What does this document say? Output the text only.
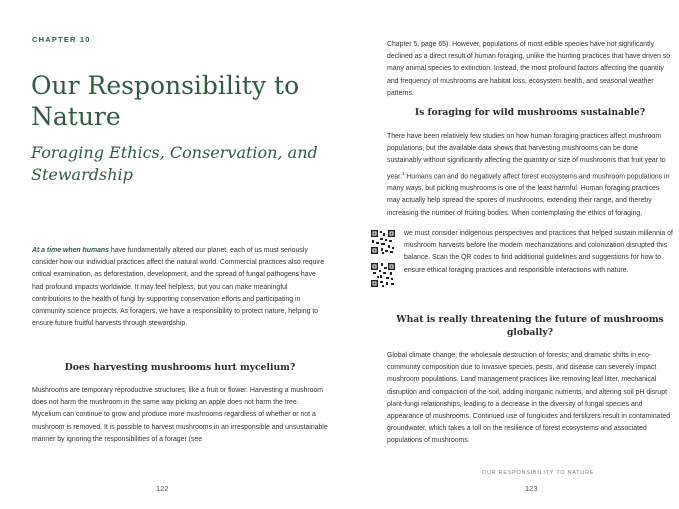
CHAPTER 10
Our Responsibility to Nature
Foraging Ethics, Conservation, and Stewardship

At a time when humans have fundamentally altered our planet, each of us must seriously consider how our individual practices affect the natural world. Commercial practices also require critical examination, as deforestation, development, and the spread of fungal pathogens have had profound impacts worldwide. It may feel helpless, but you can make meaningful contributions to the health of fungi by supporting conservation efforts and participating in community science projects. As foragers, we have a responsibility to protect nature, helping to ensure future fruitful harvests through stewardship.

Does harvesting mushrooms hurt mycelium?

Mushrooms are temporary reproductive structures, like a fruit or flower. Harvesting a mushroom does not harm the mushroom in the same way picking an apple does not harm the tree. Mycelium can continue to grow and produce more mushrooms regardless of whether or not a mushroom is removed. It is possible to harvest mushrooms in an irresponsible and unsustainable manner by ignoring the responsibilities of a forager (see

122

Chapter 5, page 65). However, populations of most edible species have not significantly declined as a direct result of human foraging, unlike the hunting practices that have driven so many animal species to extinction. Instead, the most profound factors affecting the quantity and frequency of mushrooms are habitat loss, ecosystem health, and seasonal weather patterns.

Is foraging for wild mushrooms sustainable?

There have been relatively few studies on how human foraging practices affect mushroom populations, but the available data shows that harvesting mushrooms can be done sustainably without significantly affecting the quantity or size of mushrooms that fruit year to year.$^1$ Humans can and do negatively affect forest ecosystems and mushroom populations in many ways, but picking mushrooms is one of the least harmful. Human foraging practices may actually help spread the spores of mushrooms, extending their range, and thereby increasing the number of fruiting bodies. When contemplating the ethics of foraging,

we must consider indigenous perspectives and practices that helped sustain millennia of mushroom harvests before the modern mechanizations and colonization disrupted this balance. Scan the QR codes to find additional guidelines and suggestions for how to ensure ethical foraging practices and responsible interactions with nature.

What is really threatening the future of mushrooms globally?

Global climate change; the wholesale destruction of forests; and dramatic shifts in eco-community composition due to invasive species, pests, and disease can severely impact mushroom populations. Land management practices like removing leaf litter, mechanical disruption and compaction of the soil, adding inorganic nutrients, and altering soil pH disrupt plant-fungi relationships, leading to a decrease in the diversity of fungal species and appearance of mushrooms. Continued use of fungicides and fertilizers result in contaminated groundwater, which takes a toll on the resilience of forest ecosystems and associated populations of mushrooms.

OUR RESPONSIBILITY TO NATURE
123
